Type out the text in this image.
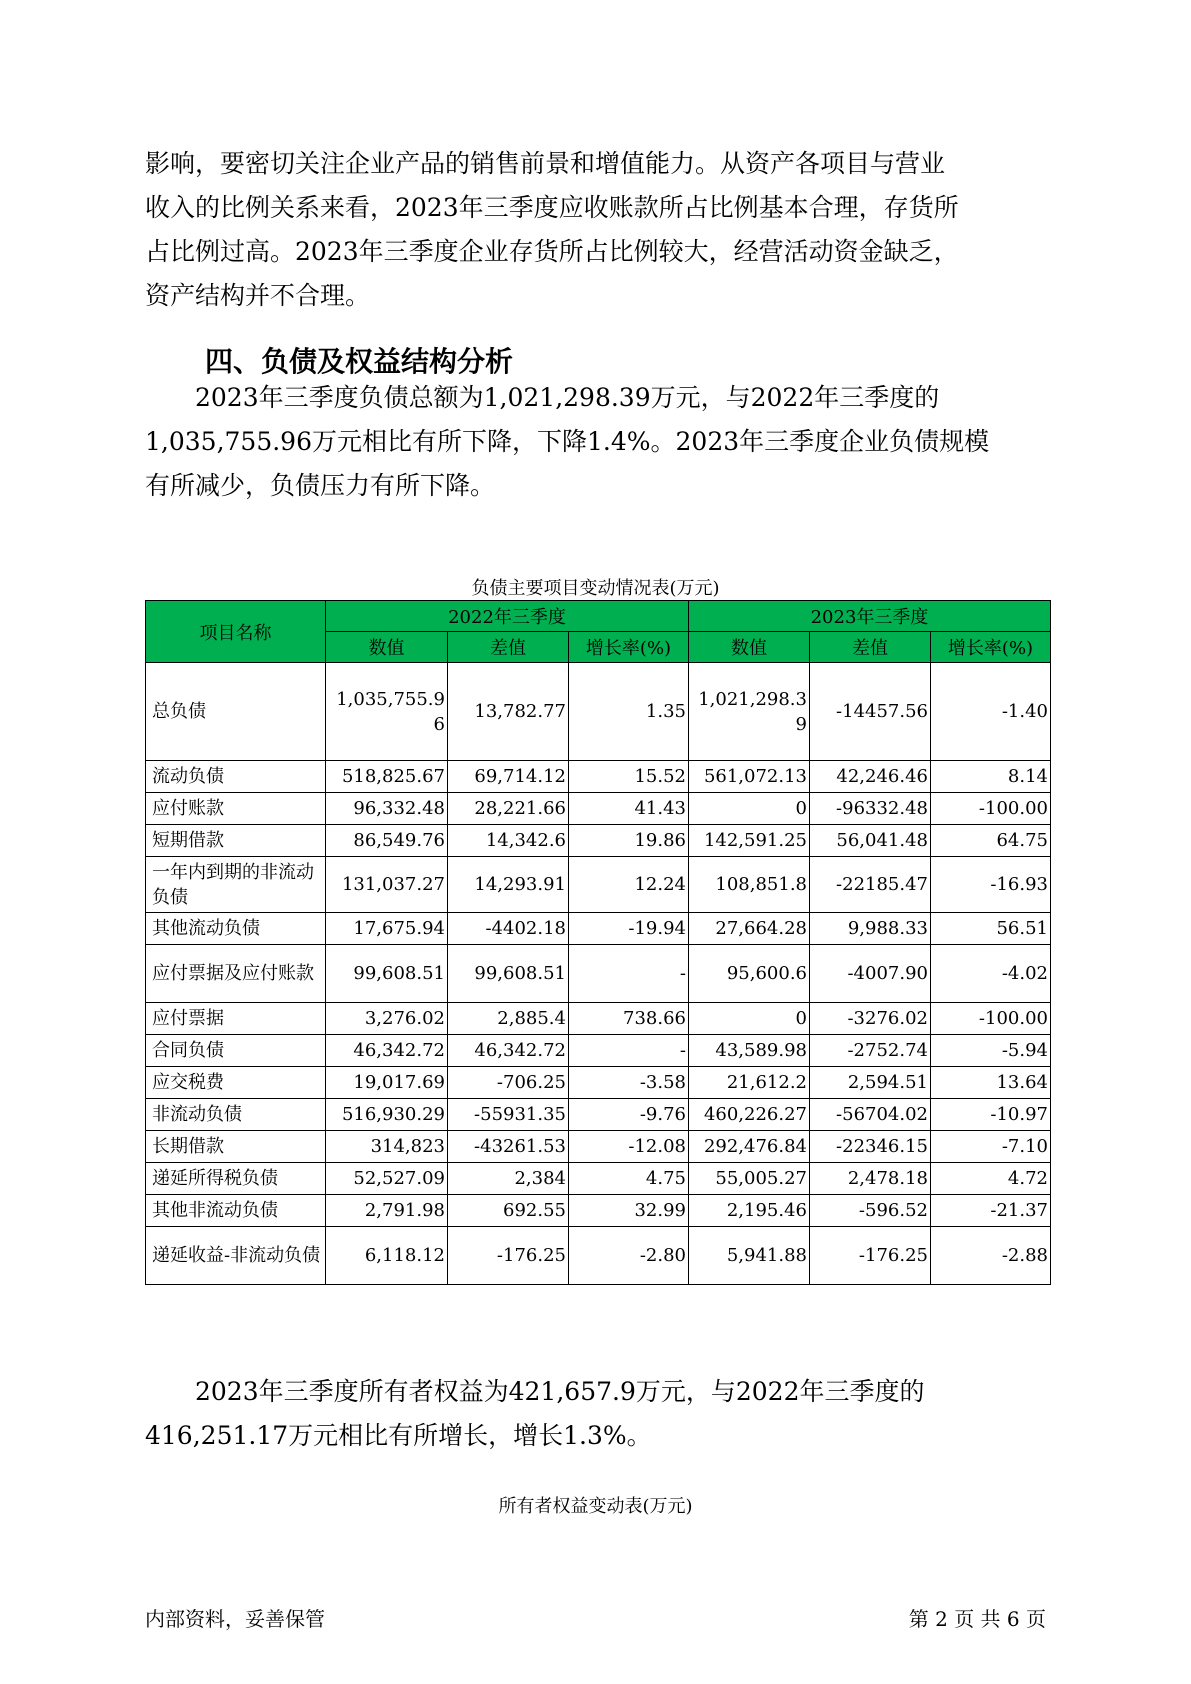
影响，要密切关注企业产品的销售前景和增值能力。从资产各项目与营业
收入的比例关系来看，2023年三季度应收账款所占比例基本合理，存货所
占比例过高。2023年三季度企业存货所占比例较大，经营活动资金缺乏，
资产结构并不合理。
四、负债及权益结构分析
　　2023年三季度负债总额为1,021,298.39万元，与2022年三季度的
1,035,755.96万元相比有所下降，下降1.4%。2023年三季度企业负债规模
有所减少，负债压力有所下降。
负债主要项目变动情况表(万元)
项目名称	2022年三季度			2023年三季度		
	数值	差值	增长率(%)	数值	差值	增长率(%)
总负债	1,035,755.96	13,782.77	1.35	1,021,298.39	-14457.56	-1.40
流动负债	518,825.67	69,714.12	15.52	561,072.13	42,246.46	8.14
应付账款	96,332.48	28,221.66	41.43	0	-96332.48	-100.00
短期借款	86,549.76	14,342.6	19.86	142,591.25	56,041.48	64.75
一年内到期的非流动负债	131,037.27	14,293.91	12.24	108,851.8	-22185.47	-16.93
其他流动负债	17,675.94	-4402.18	-19.94	27,664.28	9,988.33	56.51
应付票据及应付账款	99,608.51	99,608.51	-	95,600.6	-4007.90	-4.02
应付票据	3,276.02	2,885.4	738.66	0	-3276.02	-100.00
合同负债	46,342.72	46,342.72	-	43,589.98	-2752.74	-5.94
应交税费	19,017.69	-706.25	-3.58	21,612.2	2,594.51	13.64
非流动负债	516,930.29	-55931.35	-9.76	460,226.27	-56704.02	-10.97
长期借款	314,823	-43261.53	-12.08	292,476.84	-22346.15	-7.10
递延所得税负债	52,527.09	2,384	4.75	55,005.27	2,478.18	4.72
其他非流动负债	2,791.98	692.55	32.99	2,195.46	-596.52	-21.37
递延收益-非流动负债	6,118.12	-176.25	-2.80	5,941.88	-176.25	-2.88
　　2023年三季度所有者权益为421,657.9万元，与2022年三季度的
416,251.17万元相比有所增长，增长1.3%。
所有者权益变动表(万元)
内部资料，妥善保管	第 2 页 共 6 页
